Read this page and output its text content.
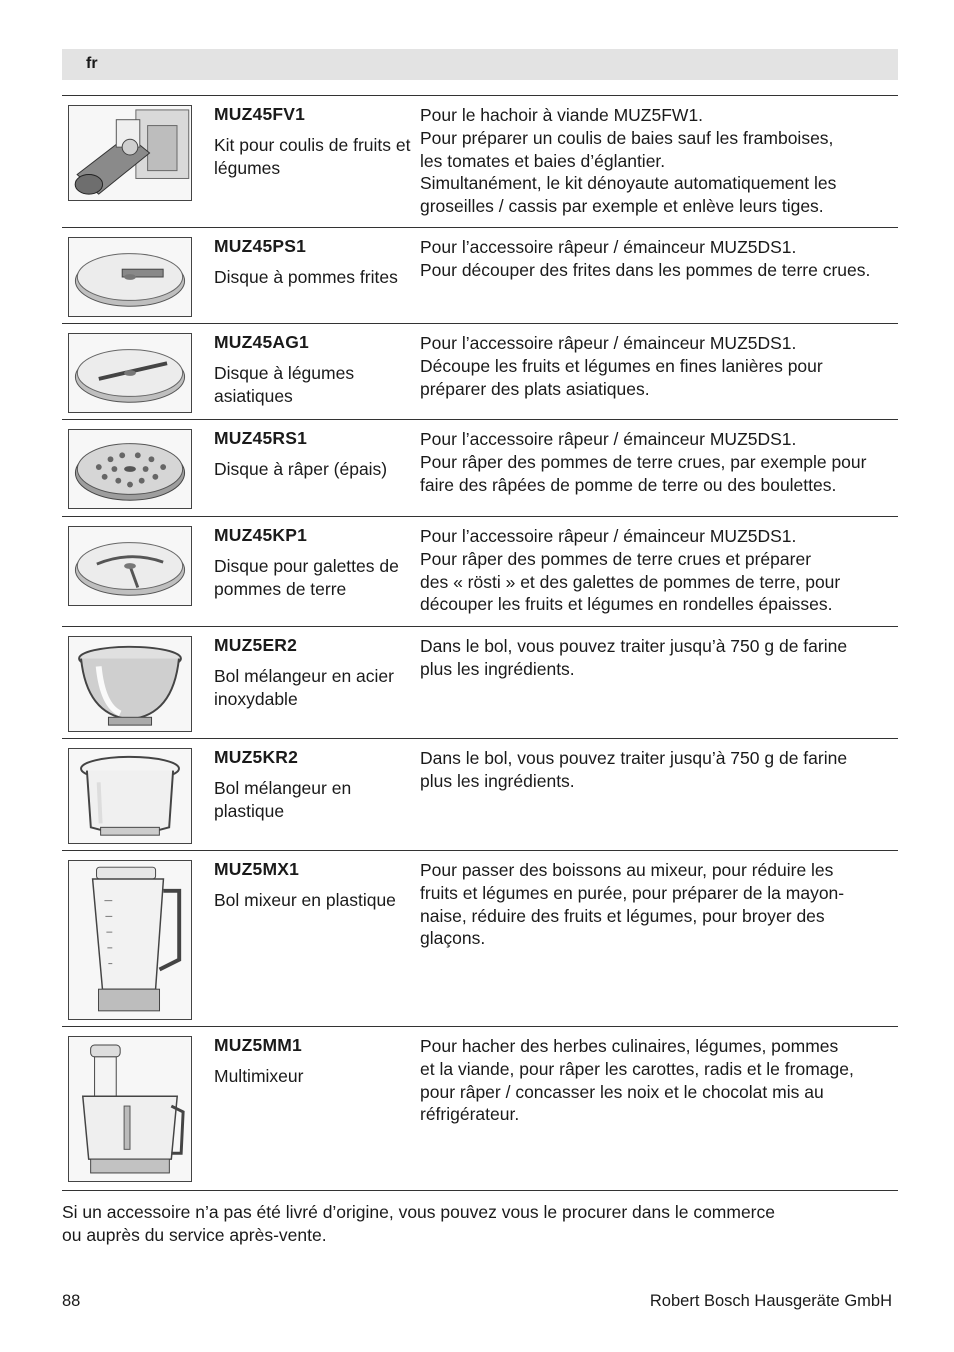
fr
MUZ45FV1
Kit pour coulis de fruits et légumes

Pour le hachoir à viande MUZ5FW1.

Pour préparer un coulis de baies sauf les framboises,

les tomates et baies d’églantier.

Simultanément, le kit dénoyaute automatiquement les

groseilles / cassis par exemple et enlève leurs tiges.

MUZ45PS1
Disque à pommes frites

Pour l’accessoire râpeur / émainceur MUZ5DS1.

Pour découper des frites dans les pommes de terre crues.

MUZ45AG1
Disque à légumes asiatiques

Pour l’accessoire râpeur / émainceur MUZ5DS1.

Découpe les fruits et légumes en fines lanières pour

préparer des plats asiatiques.

MUZ45RS1
Disque à râper (épais)

Pour l’accessoire râpeur / émainceur MUZ5DS1.

Pour râper des pommes de terre crues, par exemple pour

faire des râpées de pomme de terre ou des boulettes.

MUZ45KP1
Disque pour galettes de pommes de terre

Pour l’accessoire râpeur / émainceur MUZ5DS1.

Pour râper des pommes de terre crues et préparer

des « rösti » et des galettes de pommes de terre, pour

découper les fruits et légumes en rondelles épaisses.

MUZ5ER2
Bol mélangeur en acier inoxydable

Dans le bol, vous pouvez traiter jusqu’à 750 g de farine

plus les ingrédients.

MUZ5KR2
Bol mélangeur en plastique

Dans le bol, vous pouvez traiter jusqu’à 750 g de farine

plus les ingrédients.

MUZ5MX1
Bol mixeur en plastique

Pour passer des boissons au mixeur, pour réduire les

fruits et légumes en purée, pour préparer de la mayon-

naise, réduire des fruits et légumes, pour broyer des

glaçons.

MUZ5MM1
Multimixeur

Pour hacher des herbes culinaires, légumes, pommes

et la viande, pour râper les carottes, radis et le fromage,

pour râper / concasser les noix et le chocolat mis au

réfrigérateur.

Si un accessoire n’a pas été livré d’origine, vous pouvez vous le procurer dans le commerce

ou auprès du service après-vente.

88	Robert Bosch Hausgeräte GmbH
